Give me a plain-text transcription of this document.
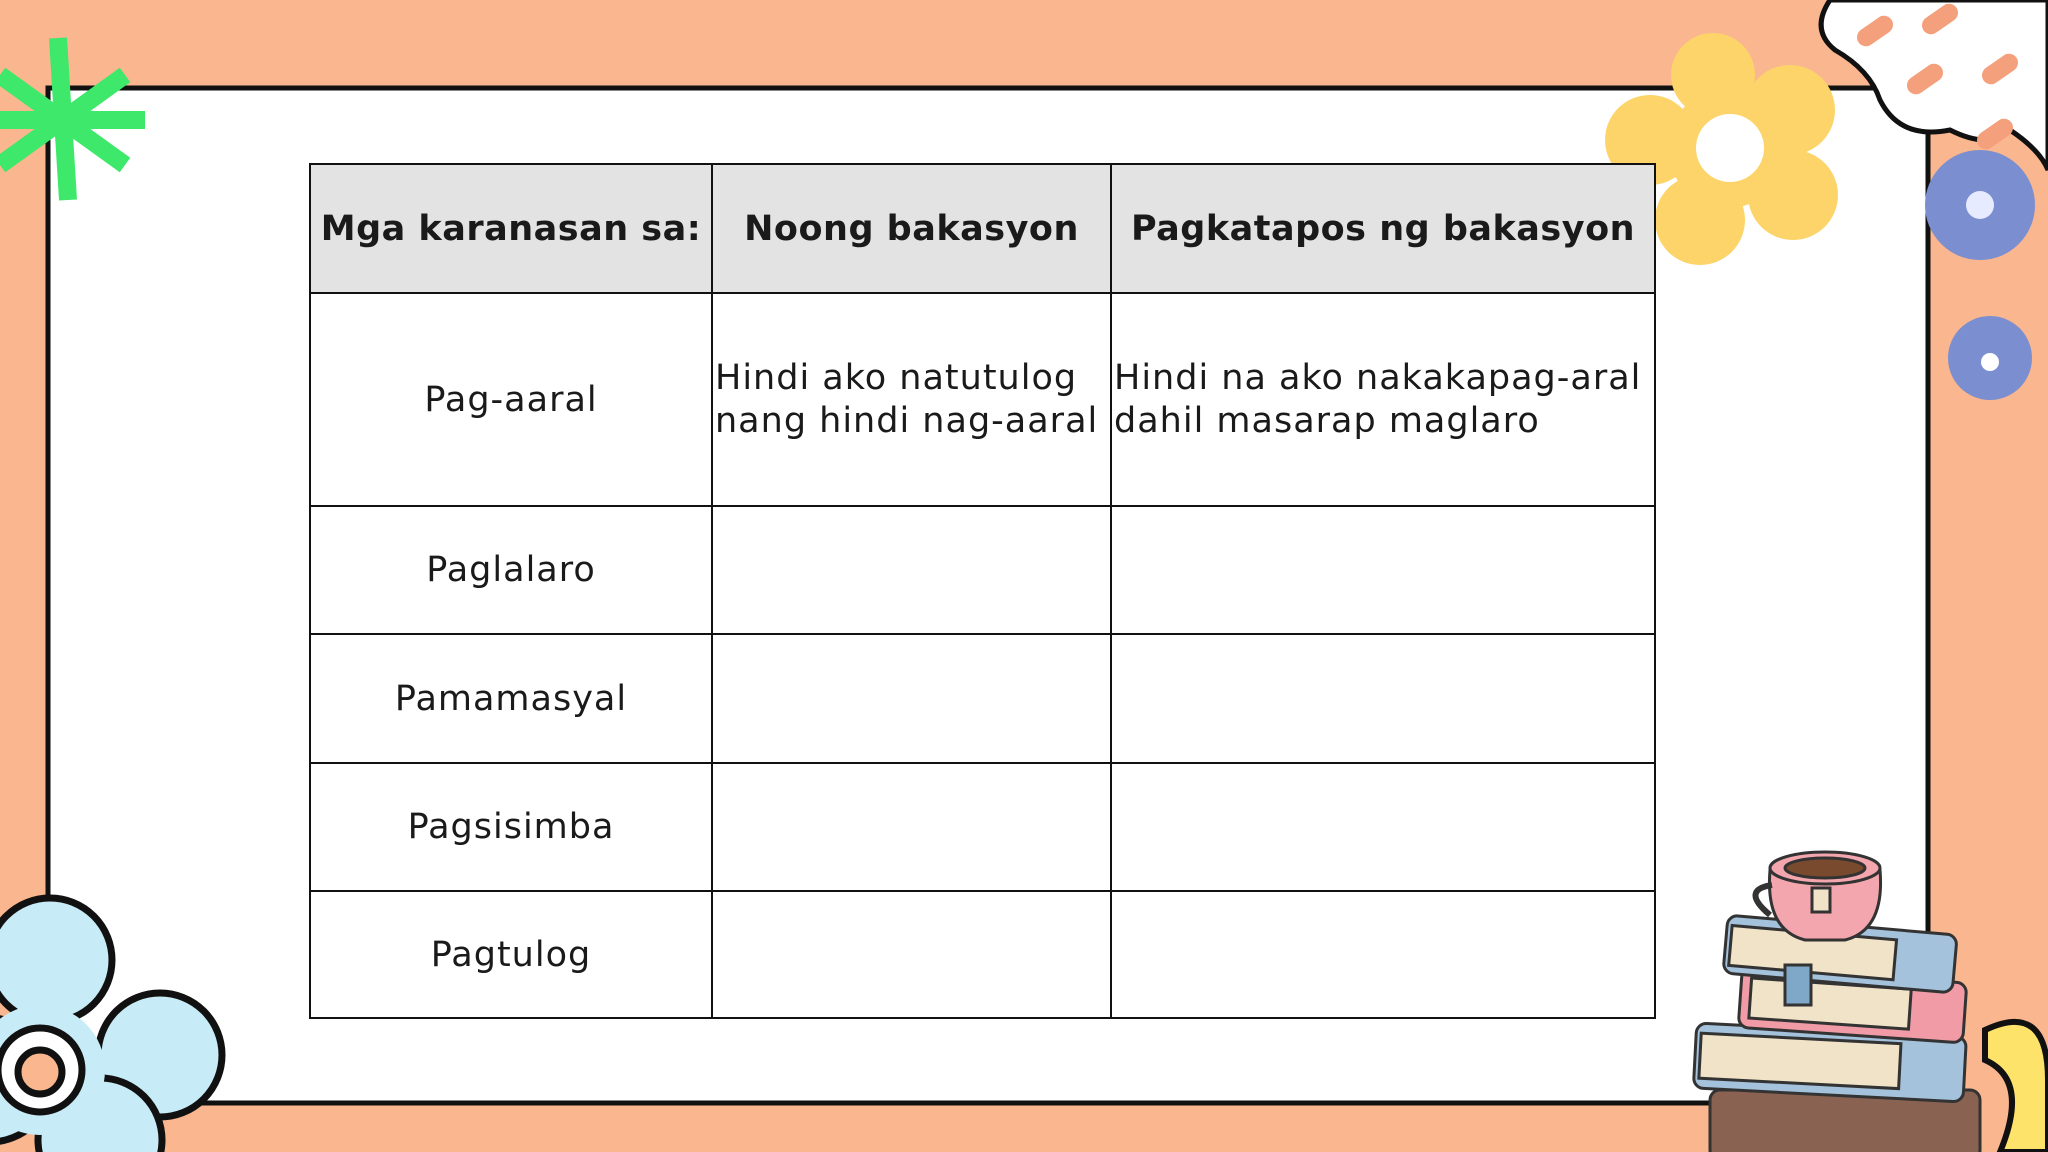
Mga karanasan sa:	Noong bakasyon	Pagkatapos ng bakasyon
Pag-aaral	Hindi ako natutulog nang hindi nag-aaral	Hindi na ako nakakapag-aral dahil masarap maglaro
Paglalaro		
Pamamasyal		
Pagsisimba		
Pagtulog		
